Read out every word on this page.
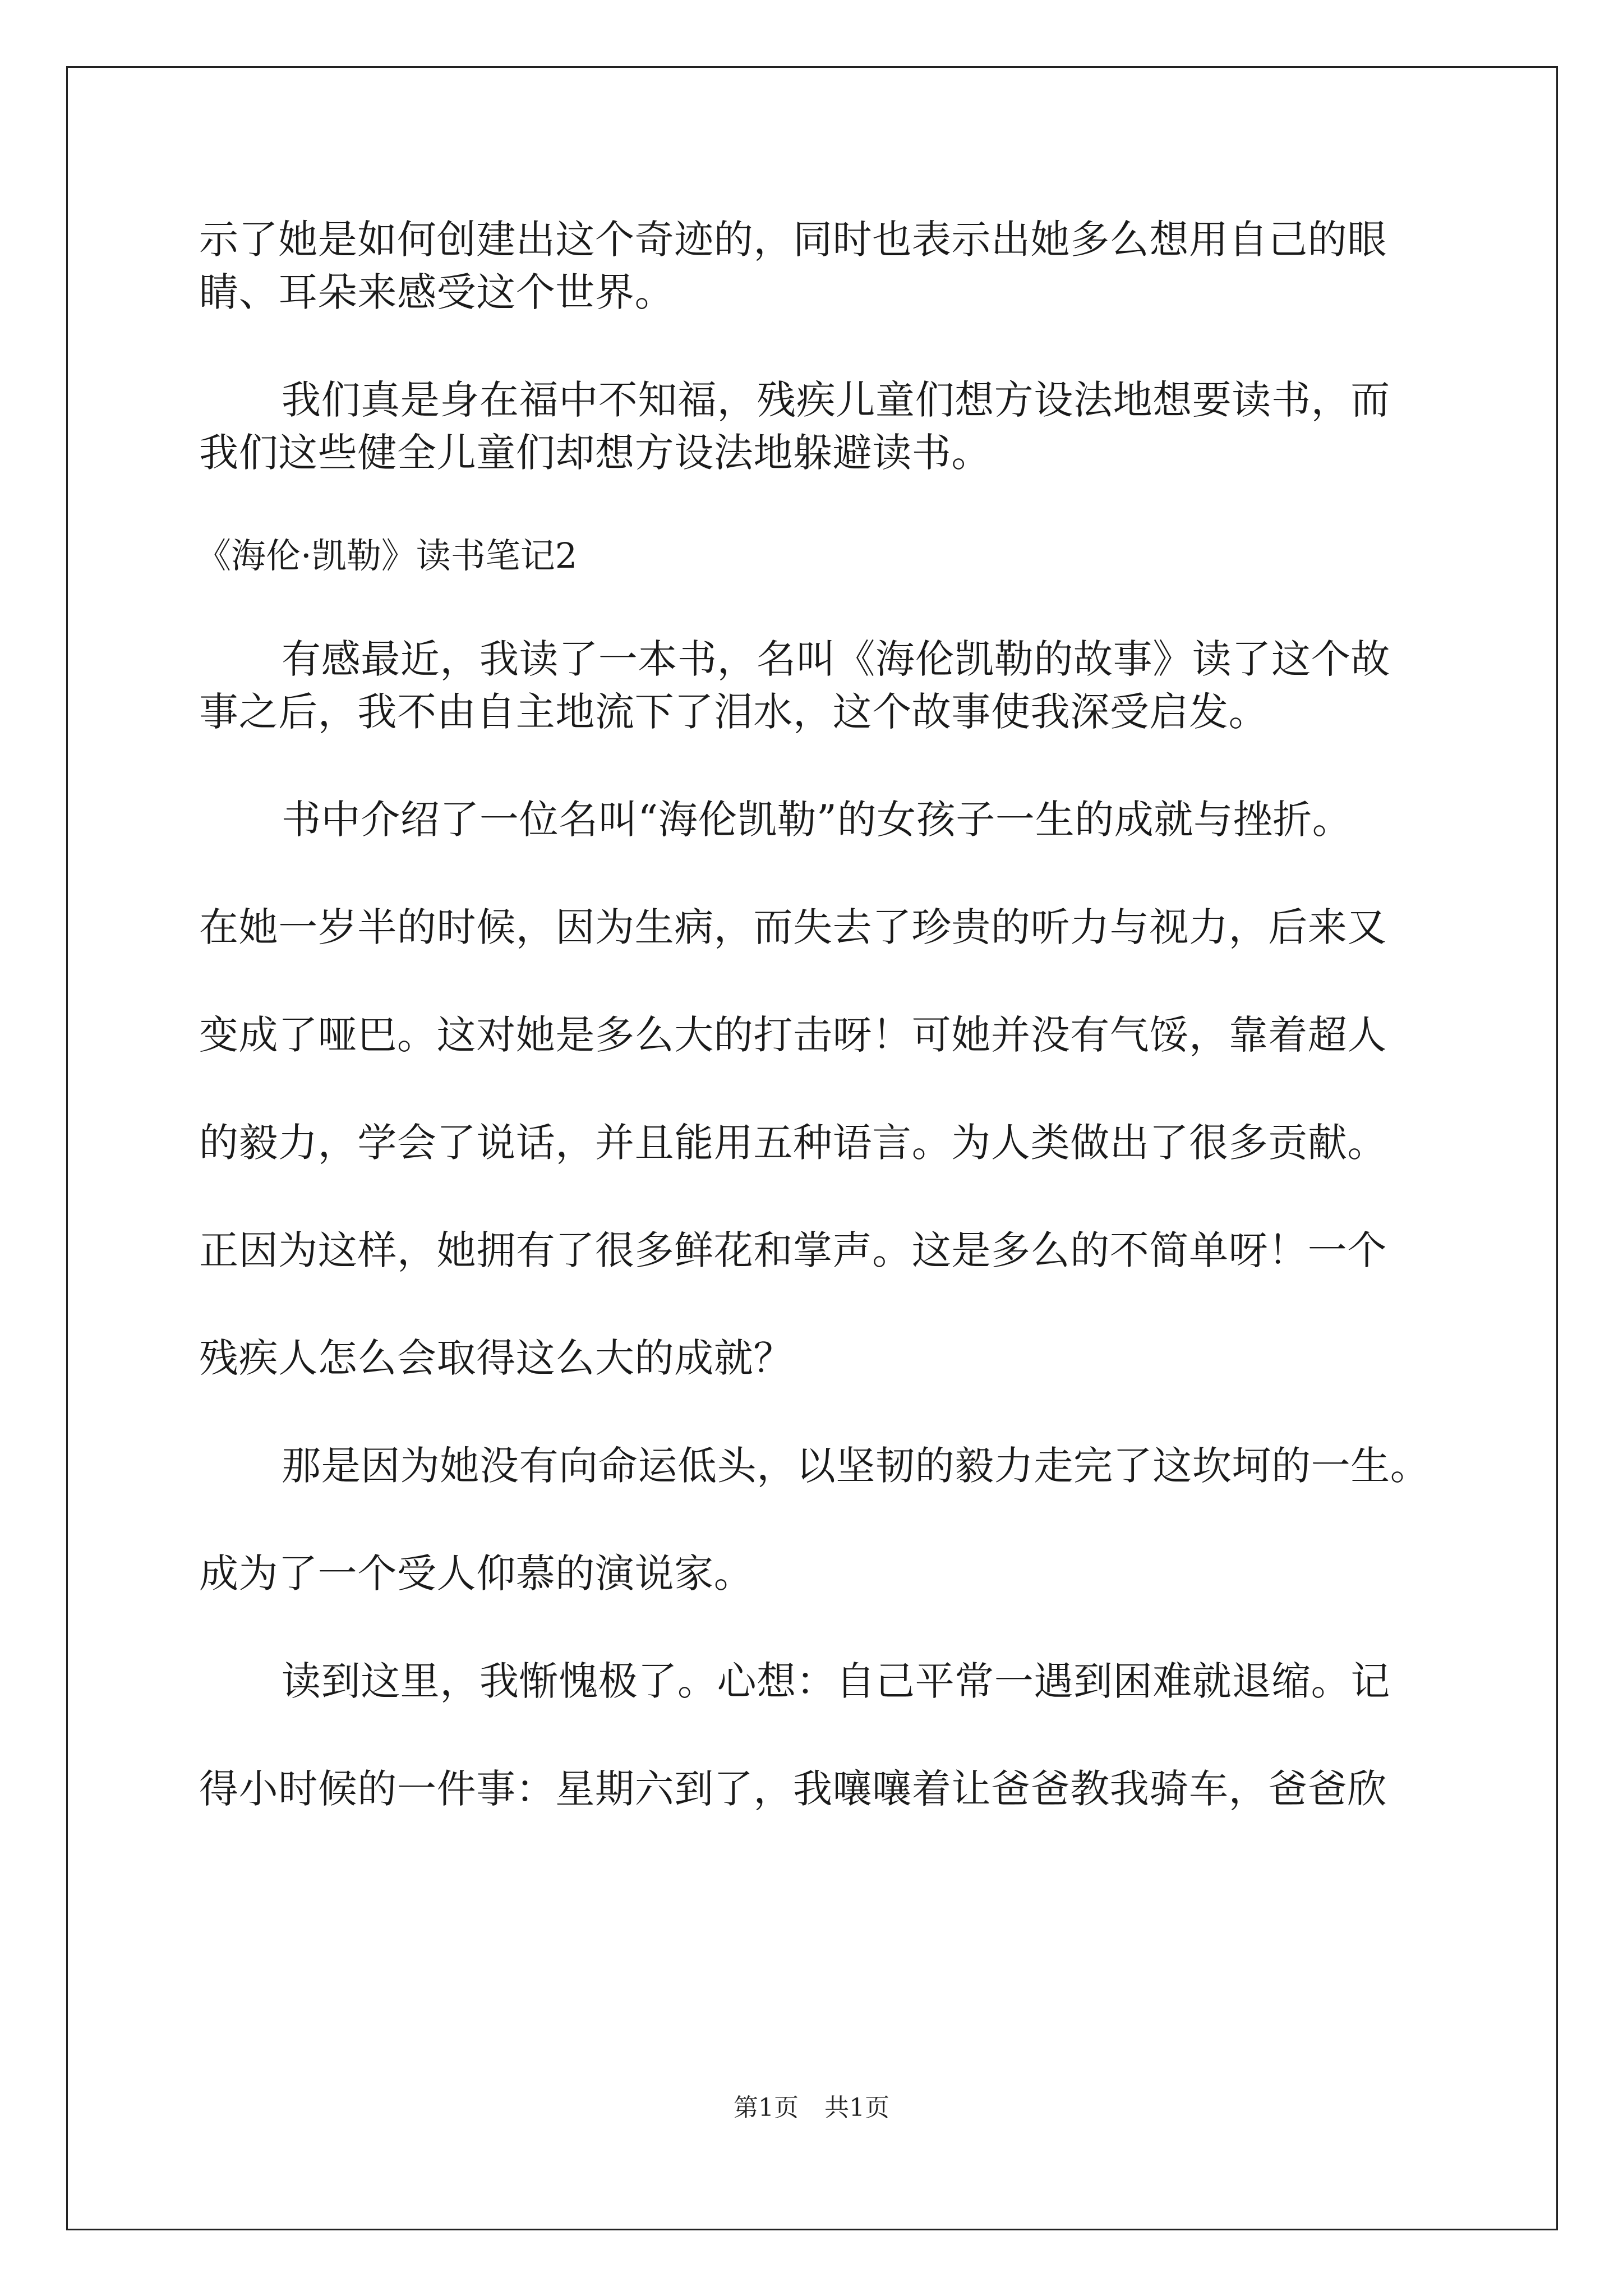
示了她是如何创建出这个奇迹的，同时也表示出她多么想用自己的眼
睛、耳朵来感受这个世界。
我们真是身在福中不知福，残疾儿童们想方设法地想要读书，而
我们这些健全儿童们却想方设法地躲避读书。
《海伦·凯勒》读书笔记2
有感最近，我读了一本书，名叫《海伦凯勒的故事》读了这个故
事之后，我不由自主地流下了泪水，这个故事使我深受启发。
书中介绍了一位名叫“海伦凯勒”的女孩子一生的成就与挫折。
在她一岁半的时候，因为生病，而失去了珍贵的听力与视力，后来又
变成了哑巴。这对她是多么大的打击呀！可她并没有气馁，靠着超人
的毅力，学会了说话，并且能用五种语言。为人类做出了很多贡献。
正因为这样，她拥有了很多鲜花和掌声。这是多么的不简单呀！一个
残疾人怎么会取得这么大的成就？
那是因为她没有向命运低头，以坚韧的毅力走完了这坎坷的一生。
成为了一个受人仰慕的演说家。
读到这里，我惭愧极了。心想：自己平常一遇到困难就退缩。记
得小时候的一件事：星期六到了，我嚷嚷着让爸爸教我骑车，爸爸欣
第1页 共1页
